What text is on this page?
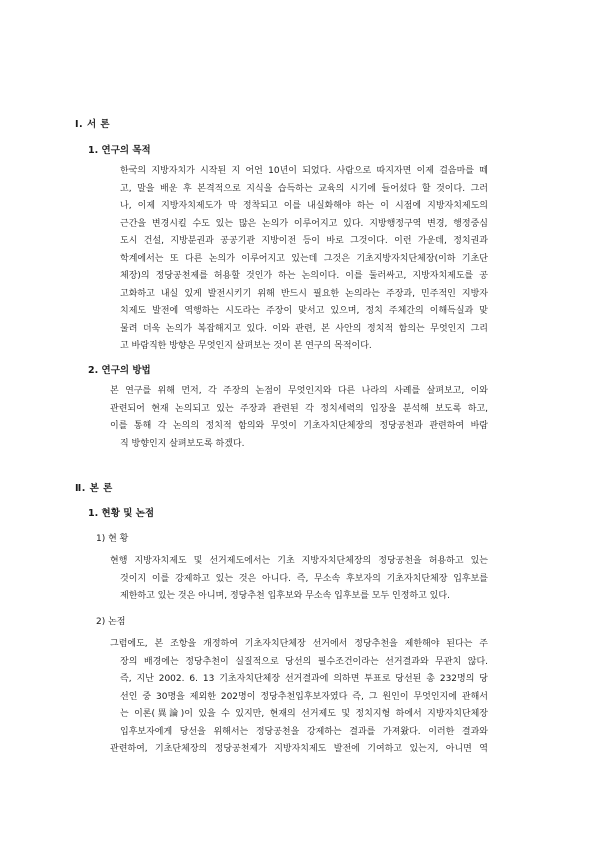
Ⅰ. 서 론
1. 연구의 목적
한국의 지방자치가 시작된 지 어언 10년이 되었다. 사람으로 따지자면 이제 걸음마를 떼
고, 말을 배운 후 본격적으로 지식을 습득하는 교육의 시기에 들어섰다 할 것이다. 그러
나, 이제 지방자치제도가 막 정착되고 이를 내실화해야 하는 이 시점에 지방자치제도의
근간을 변경시킬 수도 있는 많은 논의가 이루어지고 있다. 지방행정구역 변경, 행정중심
도시 건설, 지방분권과 공공기관 지방이전 등이 바로 그것이다. 이런 가운데, 정치권과
학계에서는 또 다른 논의가 이루어지고 있는데 그것은 기초지방자치단체장(이하 기초단
체장)의 정당공천제를 허용할 것인가 하는 논의이다. 이를 둘러싸고, 지방자치제도를 공
고화하고 내실 있게 발전시키기 위해 반드시 필요한 논의라는 주장과, 민주적인 지방자
치제도 발전에 역행하는 시도라는 주장이 맞서고 있으며, 정치 주체간의 이해득실과 맞
물려 더욱 논의가 복잡해지고 있다. 이와 관련, 본 사안의 정치적 함의는 무엇인지 그리
고 바람직한 방향은 무엇인지 살펴보는 것이 본 연구의 목적이다.
2. 연구의 방법
본 연구를 위해 먼저, 각 주장의 논점이 무엇인지와 다른 나라의 사례를 살펴보고, 이와
관련되어 현재 논의되고 있는 주장과 관련된 각 정치세력의 입장을 분석해 보도록 하고,
이를 통해 각 논의의 정치적 함의와 무엇이 기초자치단체장의 정당공천과 관련하여 바람
직 방향인지 살펴보도록 하겠다.
Ⅱ. 본 론
1. 현황 및 논점
1) 현 황
현행 지방자치제도 및 선거제도에서는 기초 지방자치단체장의 정당공천을 허용하고 있는
것이지 이를 강제하고 있는 것은 아니다. 즉, 무소속 후보자의 기초자치단체장 입후보를
제한하고 있는 것은 아니며, 정당추천 입후보와 무소속 입후보를 모두 인정하고 있다.
2) 논점
그럼에도, 본 조항을 개정하여 기초자치단체장 선거에서 정당추천을 제한해야 된다는 주
장의 배경에는 정당추천이 실질적으로 당선의 필수조건이라는 선거결과와 무관치 않다.
즉, 지난 2002. 6. 13 기초자치단체장 선거결과에 의하면 투표로 당선된 총 232명의 당
선인 중 30명을 제외한 202명이 정당추천입후보자였다 즉, 그 원인이 무엇인지에 관해서
는 이론(異論)이 있을 수 있지만, 현재의 선거제도 및 정치지형 하에서 지방자치단체장
입후보자에게 당선을 위해서는 정당공천을 강제하는 결과를 가져왔다. 이러한 결과와
관련하여, 기초단체장의 정당공천제가 지방자치제도 발전에 기여하고 있는지, 아니면 역
